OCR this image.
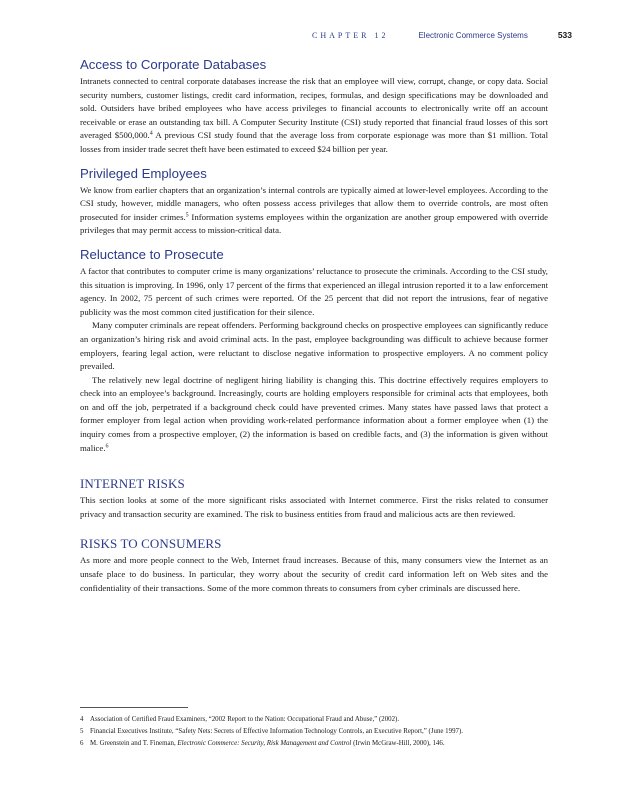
CHAPTER 12	Electronic Commerce Systems	533
Access to Corporate Databases

Intranets connected to central corporate databases increase the risk that an employee will view, corrupt, change, or copy data. Social security numbers, customer listings, credit card information, recipes, formulas, and design specifications may be downloaded and sold. Outsiders have bribed employees who have access privileges to financial accounts to electronically write off an account receivable or erase an outstanding tax bill. A Computer Security Institute (CSI) study reported that financial fraud losses of this sort averaged $500,000.$^4$ A previous CSI study found that the average loss from corporate espionage was more than $1 million. Total losses from insider trade secret theft have been estimated to exceed $24 billion per year.

Privileged Employees

We know from earlier chapters that an organization’s internal controls are typically aimed at lower-level employees. According to the CSI study, however, middle managers, who often possess access privileges that allow them to override controls, are most often prosecuted for insider crimes.$^5$ Information systems employees within the organization are another group empowered with override privileges that may permit access to mission-critical data.

Reluctance to Prosecute

A factor that contributes to computer crime is many organizations’ reluctance to prosecute the criminals. According to the CSI study, this situation is improving. In 1996, only 17 percent of the firms that experienced an illegal intrusion reported it to a law enforcement agency. In 2002, 75 percent of such crimes were reported. Of the 25 percent that did not report the intrusions, fear of negative publicity was the most common cited justification for their silence.

Many computer criminals are repeat offenders. Performing background checks on prospective employees can significantly reduce an organization’s hiring risk and avoid criminal acts. In the past, employee backgrounding was difficult to achieve because former employers, fearing legal action, were reluctant to disclose negative information to prospective employers. A no comment policy prevailed.

The relatively new legal doctrine of negligent hiring liability is changing this. This doctrine effectively requires employers to check into an employee’s background. Increasingly, courts are holding employers responsible for criminal acts that employees, both on and off the job, perpetrated if a background check could have prevented crimes. Many states have passed laws that protect a former employer from legal action when providing work-related performance information about a former employee when (1) the inquiry comes from a prospective employer, (2) the information is based on credible facts, and (3) the information is given without malice.$^6$

INTERNET RISKS

This section looks at some of the more significant risks associated with Internet commerce. First the risks related to consumer privacy and transaction security are examined. The risk to business entities from fraud and malicious acts are then reviewed.

RISKS TO CONSUMERS

As more and more people connect to the Web, Internet fraud increases. Because of this, many consumers view the Internet as an unsafe place to do business. In particular, they worry about the security of credit card information left on Web sites and the confidentiality of their transactions. Some of the more common threats to consumers from cyber criminals are discussed here.

4 Association of Certified Fraud Examiners, “2002 Report to the Nation: Occupational Fraud and Abuse,” (2002).
5 Financial Executives Institute, “Safety Nets: Secrets of Effective Information Technology Controls, an Executive Report,” (June 1997).
6 M. Greenstein and T. Fineman, Electronic Commerce: Security, Risk Management and Control (Irwin McGraw-Hill, 2000), 146.
